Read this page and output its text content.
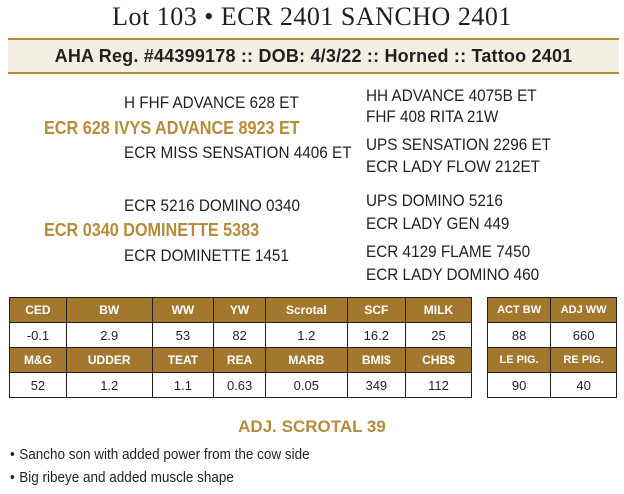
Lot 103 • ECR 2401 SANCHO 2401
AHA Reg. #44399178 :: DOB: 4/3/22 :: Horned :: Tattoo 2401
H FHF ADVANCE 628 ET
ECR 628 IVYS ADVANCE 8923 ET
ECR MISS SENSATION 4406 ET
HH ADVANCE 4075B ET
FHF 408 RITA 21W
UPS SENSATION 2296 ET
ECR LADY FLOW 212ET
ECR 5216 DOMINO 0340
ECR 0340 DOMINETTE 5383
ECR DOMINETTE 1451
UPS DOMINO 5216
ECR LADY GEN 449
ECR 4129 FLAME 7450
ECR LADY DOMINO 460
CED	BW	WW	YW	Scrotal	SCF	MILK
-0.1	2.9	53	82	1.2	16.2	25
M&G	UDDER	TEAT	REA	MARB	BMI$	CHB$
52	1.2	1.1	0.63	0.05	349	112
ACT BW	ADJ WW
88	660
LE PIG.	RE PIG.
90	40
ADJ. SCROTAL 39
• Sancho son with added power from the cow side
• Big ribeye and added muscle shape
